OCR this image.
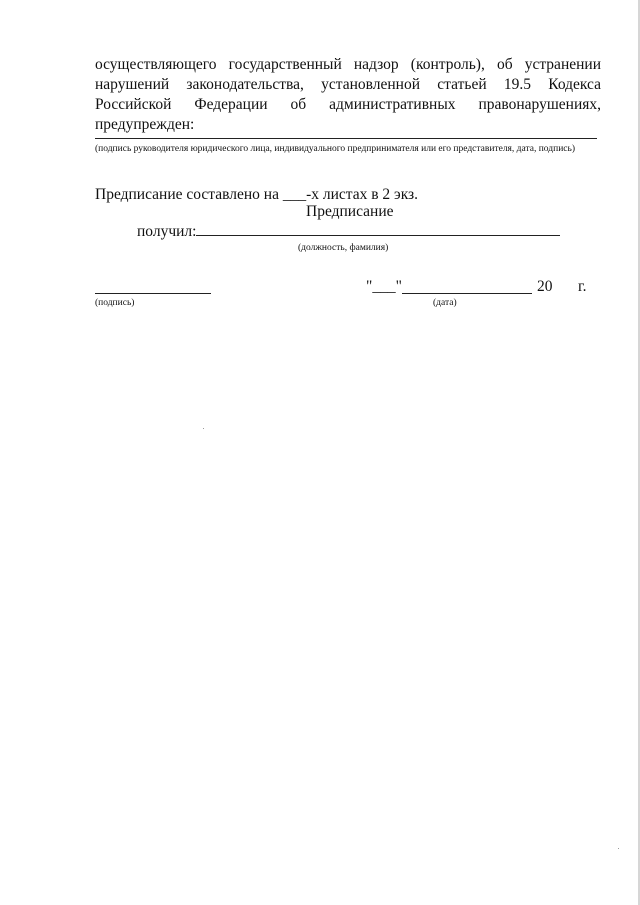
осуществляющего государственный надзор (контроль), об устранении
нарушений законодательства, установленной статьей 19.5 Кодекса
Российской Федерации об административных правонарушениях,
предупрежден:
(подпись руководителя юридического лица, индивидуального предпринимателя или его представителя, дата, подпись)
Предписание составлено на ___-х листах в 2 экз.
Предписание
получил:
(должность, фамилия)
(подпись)
"___"	20 г.
(дата)
